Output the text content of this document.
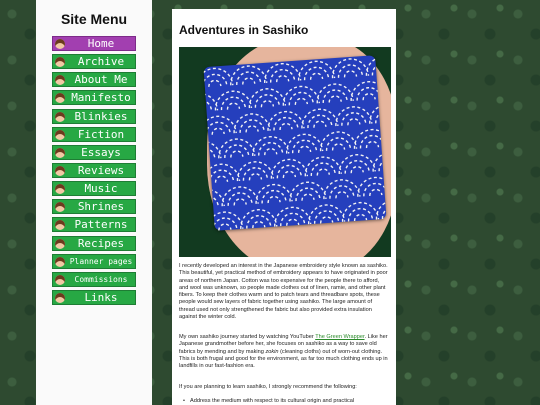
Site Menu
Home
Archive
About Me
Manifesto
Blinkies
Fiction
Essays
Reviews
Music
Shrines
Patterns
Recipes
Planner pages
Commissions
Links
Adventures in Sashiko

I recently developed an interest in the Japanese embroidery style known as sashiko. This beautiful, yet practical method of embroidery appears to have originated in poor areas of northern Japan. Cotton was too expensive for the people there to afford, and wool was unknown, so people made clothes out of linen, ramie, and other plant fibers. To keep their clothes warm and to patch tears and threadbare spots, these people would sew layers of fabric together using sashiko. The large amount of thread used not only strengthened the fabric but also provided extra insulation against the winter cold.

My own sashiko journey started by watching YouTuber The Green Wrapper. Like her Japanese grandmother before her, she focuses on sashiko as a way to save old fabrics by mending and by making zokin (cleaning cloths) out of worn-out clothing. This is both frugal and good for the environment, as far too much clothing ends up in landfills in our fast-fashion era.

If you are planning to learn sashiko, I strongly recommend the following:

• Address the medium with respect to its cultural origin and practical
